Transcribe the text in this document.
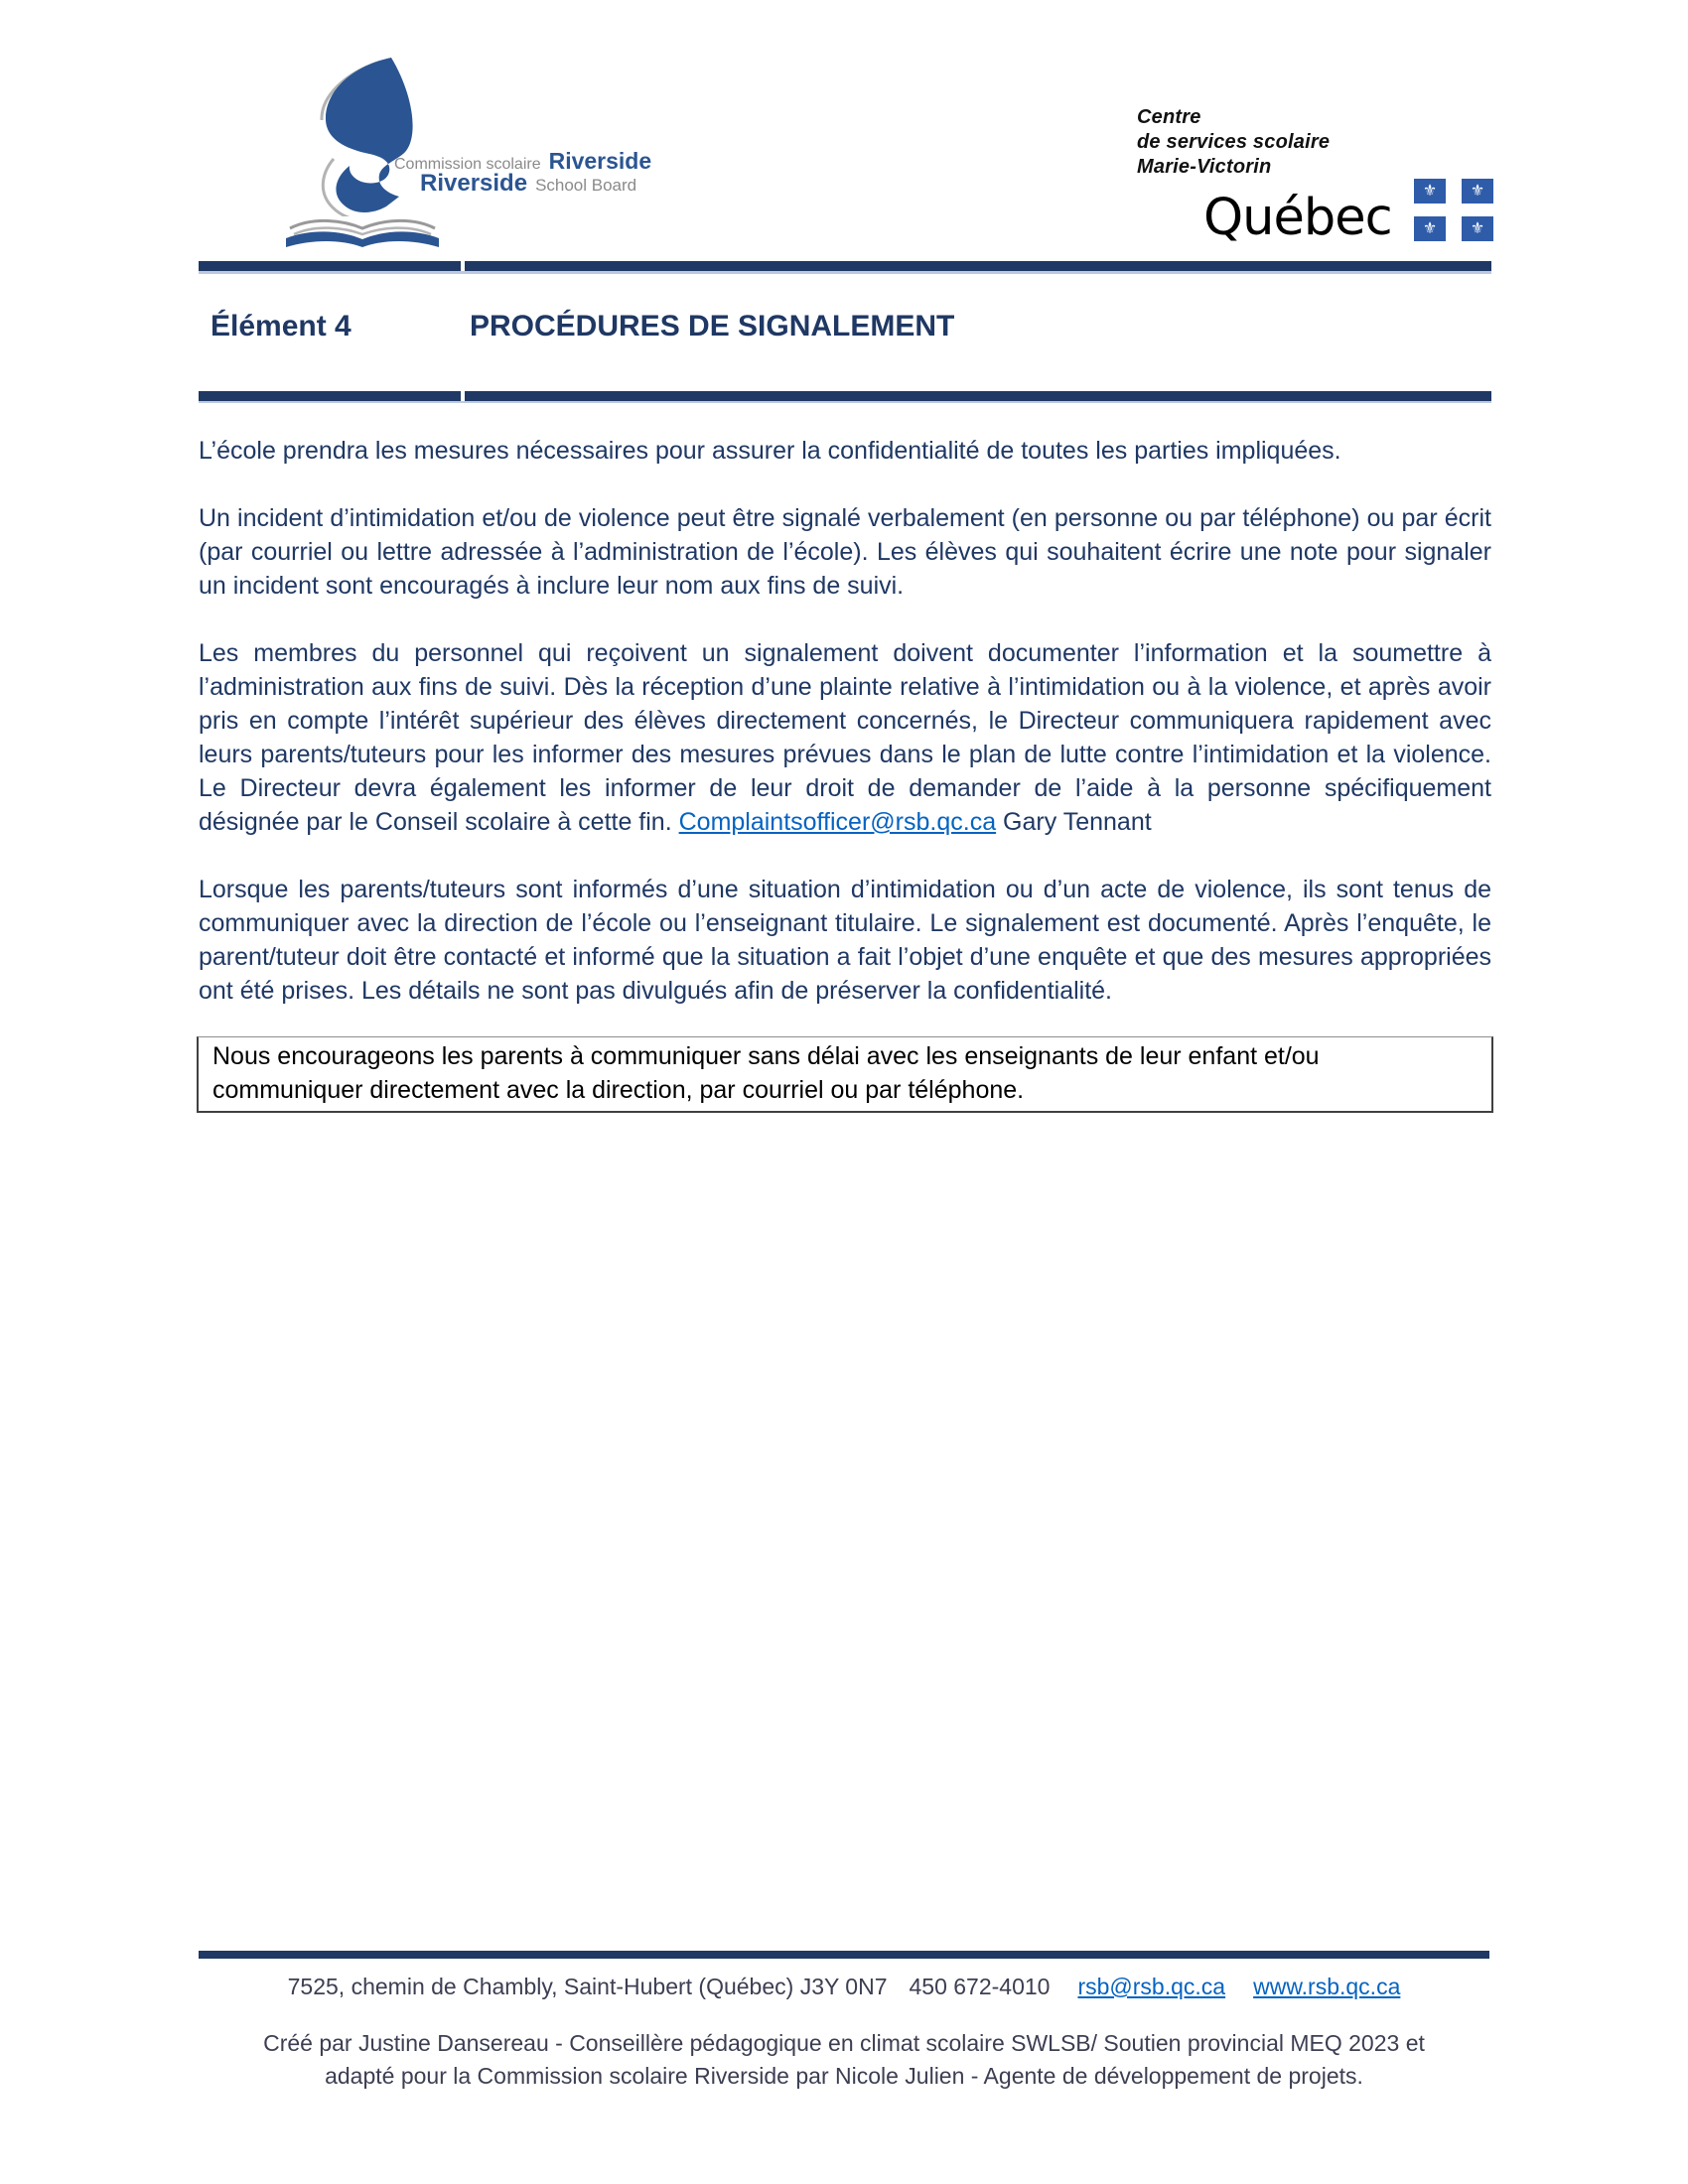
Commission scolaire Riverside
Riverside School Board
Centre
de services scolaire
Marie-Victorin
Québec	⚜	⚜
⚜	⚜
Élément 4	PROCÉDURES DE SIGNALEMENT

L’école prendra les mesures nécessaires pour assurer la confidentialité de toutes les parties impliquées.

Un incident d’intimidation et/ou de violence peut être signalé verbalement (en personne ou par téléphone) ou par écrit (par courriel ou lettre adressée à l’administration de l’école). Les élèves qui souhaitent écrire une note pour signaler un incident sont encouragés à inclure leur nom aux fins de suivi.

Les membres du personnel qui reçoivent un signalement doivent documenter l’information et la soumettre à l’administration aux fins de suivi. Dès la réception d’une plainte relative à l’intimidation ou à la violence, et après avoir pris en compte l’intérêt supérieur des élèves directement concernés, le Directeur communiquera rapidement avec leurs parents/tuteurs pour les informer des mesures prévues dans le plan de lutte contre l’intimidation et la violence. Le Directeur devra également les informer de leur droit de demander de l’aide à la personne spécifiquement désignée par le Conseil scolaire à cette fin. Complaintsofficer@rsb.qc.ca Gary Tennant

Lorsque les parents/tuteurs sont informés d’une situation d’intimidation ou d’un acte de violence, ils sont tenus de communiquer avec la direction de l’école ou l’enseignant titulaire. Le signalement est documenté. Après l’enquête, le parent/tuteur doit être contacté et informé que la situation a fait l’objet d’une enquête et que des mesures appropriées ont été prises. Les détails ne sont pas divulgués afin de préserver la confidentialité.

Nous encourageons les parents à communiquer sans délai avec les enseignants de leur enfant et/ou
communiquer directement avec la direction, par courriel ou par téléphone.
7525, chemin de Chambly, Saint-Hubert (Québec) J3Y 0N7 450 672-4010 rsb@rsb.qc.ca www.rsb.qc.ca
Créé par Justine Dansereau - Conseillère pédagogique en climat scolaire SWLSB/ Soutien provincial MEQ 2023 et
adapté pour la Commission scolaire Riverside par Nicole Julien - Agente de développement de projets.
